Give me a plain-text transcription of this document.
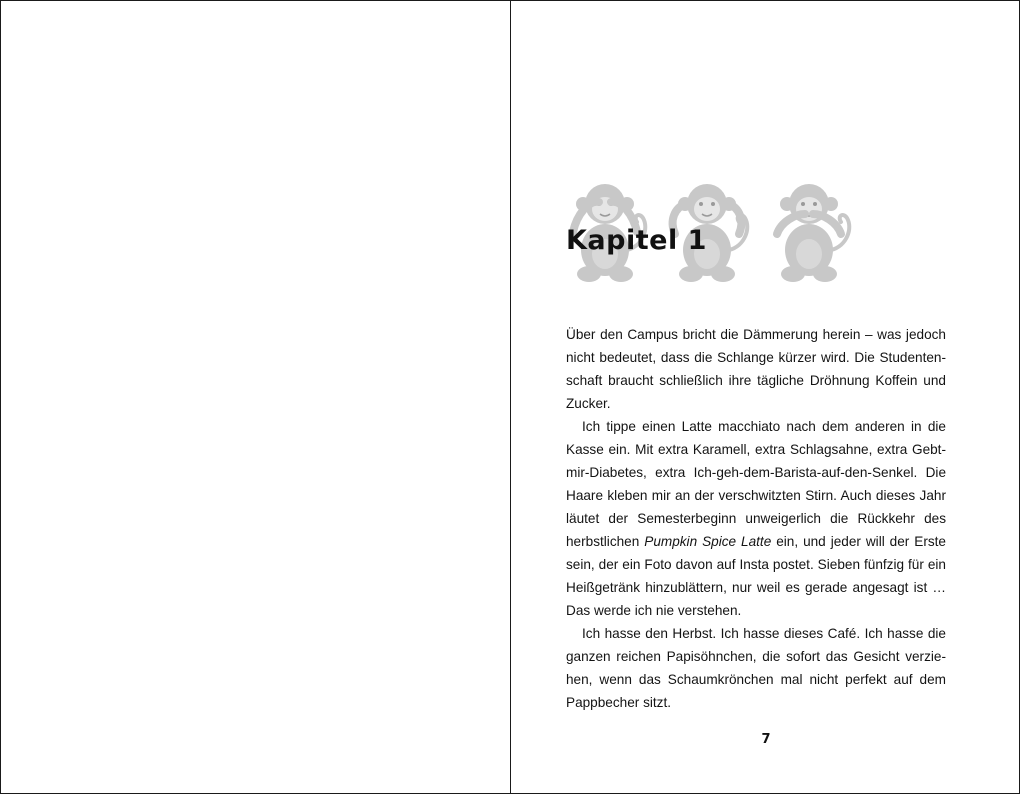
Kapitel 1

Über den Campus bricht die Dämmerung herein – was jedoch nicht bedeutet, dass die Schlange kürzer wird. Die Studentenschaft braucht schließlich ihre tägliche Dröhnung Koffein und Zucker.

Ich tippe einen Latte macchiato nach dem anderen in die Kasse ein. Mit extra Karamell, extra Schlagsahne, extra Gebtmir-Diabetes, extra Ich-geh-dem-Barista-auf-den-Senkel. Die Haare kleben mir an der verschwitzten Stirn. Auch dieses Jahr läutet der Semesterbeginn unweigerlich die Rückkehr des herbstlichen Pumpkin Spice Latte ein, und jeder will der Erste sein, der ein Foto davon auf Insta postet. Sieben fünfzig für ein Heißgetränk hinzublättern, nur weil es gerade angesagt ist … Das werde ich nie verstehen.

Ich hasse den Herbst. Ich hasse dieses Café. Ich hasse die ganzen reichen Papisöhnchen, die sofort das Gesicht verziehen, wenn das Schaumkrönchen mal nicht perfekt auf dem Pappbecher sitzt.

7
